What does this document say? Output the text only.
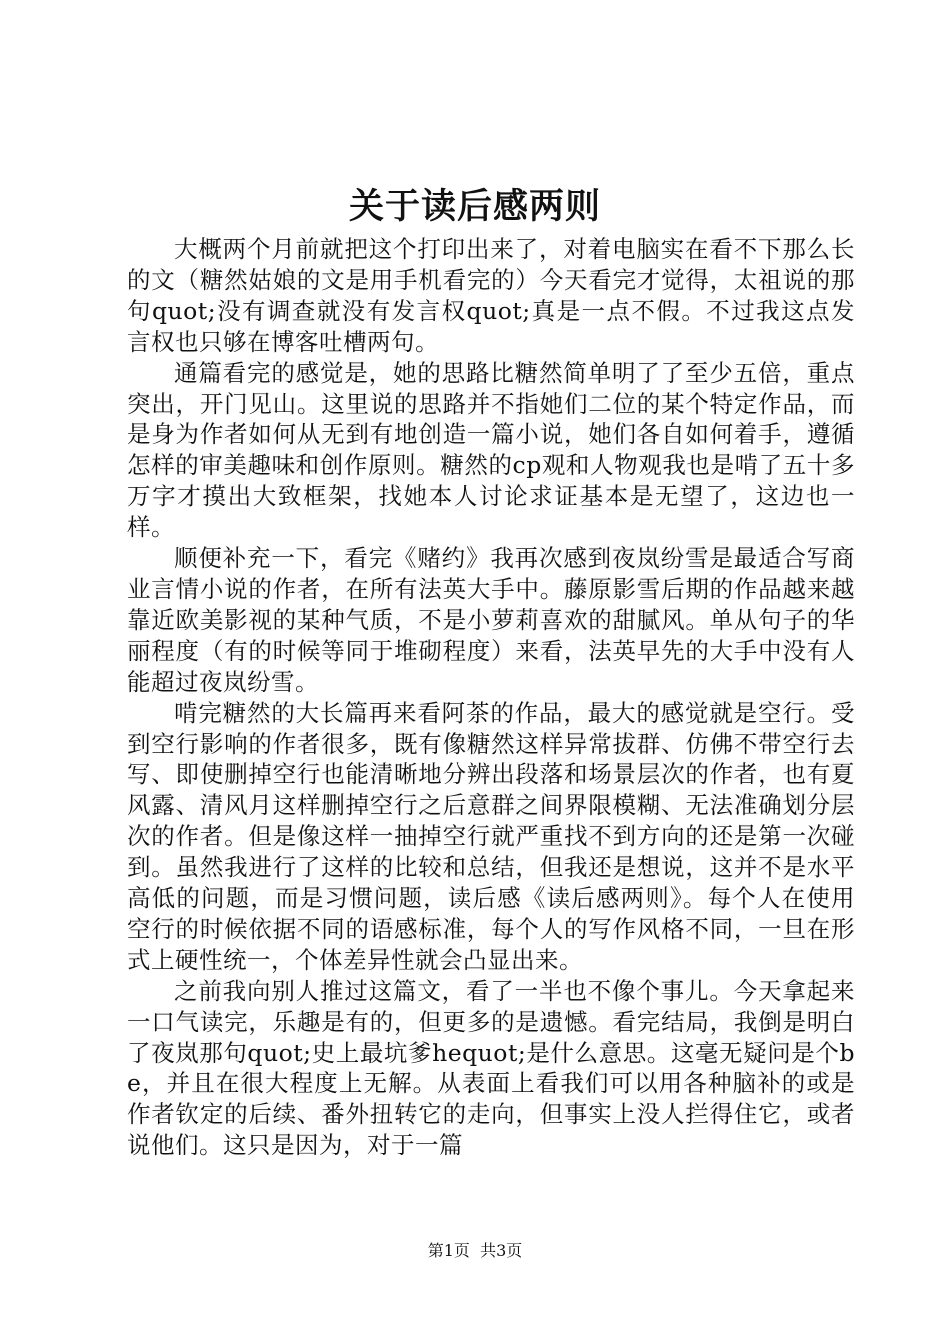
关于读后感两则

大概两个月前就把这个打印出来了，对着电脑实在看不下那么长的文（糖然姑娘的文是用手机看完的）今天看完才觉得，太祖说的那句quot;没有调查就没有发言权quot;真是一点不假。不过我这点发言权也只够在博客吐槽两句。

通篇看完的感觉是，她的思路比糖然简单明了了至少五倍，重点突出，开门见山。这里说的思路并不指她们二位的某个特定作品，而是身为作者如何从无到有地创造一篇小说，她们各自如何着手，遵循怎样的审美趣味和创作原则。糖然的cp观和人物观我也是啃了五十多万字才摸出大致框架，找她本人讨论求证基本是无望了，这边也一样。

顺便补充一下，看完《赌约》我再次感到夜岚纷雪是最适合写商业言情小说的作者，在所有法英大手中。藤原影雪后期的作品越来越靠近欧美影视的某种气质，不是小萝莉喜欢的甜腻风。单从句子的华丽程度（有的时候等同于堆砌程度）来看，法英早先的大手中没有人能超过夜岚纷雪。

啃完糖然的大长篇再来看阿茶的作品，最大的感觉就是空行。受到空行影响的作者很多，既有像糖然这样异常拔群、仿佛不带空行去写、即使删掉空行也能清晰地分辨出段落和场景层次的作者，也有夏风露、清风月这样删掉空行之后意群之间界限模糊、无法准确划分层次的作者。但是像这样一抽掉空行就严重找不到方向的还是第一次碰到。虽然我进行了这样的比较和总结，但我还是想说，这并不是水平高低的问题，而是习惯问题，读后感《读后感两则》。每个人在使用空行的时候依据不同的语感标准，每个人的写作风格不同，一旦在形式上硬性统一，个体差异性就会凸显出来。

之前我向别人推过这篇文，看了一半也不像个事儿。今天拿起来一口气读完，乐趣是有的，但更多的是遗憾。看完结局，我倒是明白了夜岚那句quot;史上最坑爹hequot;是什么意思。这毫无疑问是个be，并且在很大程度上无解。从表面上看我们可以用各种脑补的或是作者钦定的后续、番外扭转它的走向，但事实上没人拦得住它，或者说他们。这只是因为，对于一篇

第1页 共3页
